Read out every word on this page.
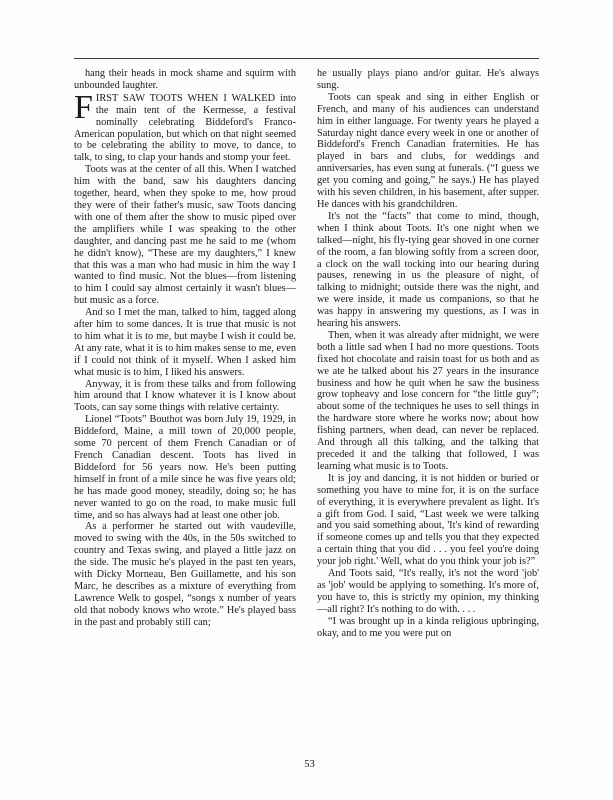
hang their heads in mock shame and squirm with unbounded laughter.

FIRST SAW TOOTS WHEN I WALKED into the main tent of the Kermesse, a festival nominally celebrating Biddeford's Franco-American population, but which on that night seemed to be celebrating the ability to move, to dance, to talk, to sing, to clap your hands and stomp your feet.

Toots was at the center of all this. When I watched him with the band, saw his daughters dancing together, heard, when they spoke to me, how proud they were of their father's music, saw Toots dancing with one of them after the show to music piped over the amplifiers while I was speaking to the other daughter, and dancing past me he said to me (whom he didn't know), “These are my daughters,” I knew that this was a man who had music in him the way I wanted to find music. Not the blues—from listening to him I could say almost certainly it wasn't blues—but music as a force.

And so I met the man, talked to him, tagged along after him to some dances. It is true that music is not to him what it is to me, but maybe I wish it could be. At any rate, what it is to him makes sense to me, even if I could not think of it myself. When I asked him what music is to him, I liked his answers.

Anyway, it is from these talks and from following him around that I know whatever it is I know about Toots, can say some things with relative certainty.

Lionel “Toots” Bouthot was born July 19, 1929, in Biddeford, Maine, a mill town of 20,000 people, some 70 percent of them French Canadian or of French Canadian descent. Toots has lived in Biddeford for 56 years now. He's been putting himself in front of a mile since he was five years old; he has made good money, steadily, doing so; he has never wanted to go on the road, to make music full time, and so has always had at least one other job.

As a performer he started out with vaudeville, moved to swing with the 40s, in the 50s switched to country and Texas swing, and played a little jazz on the side. The music he's played in the past ten years, with Dicky Morneau, Ben Guillamette, and his son Marc, he describes as a mixture of everything from Lawrence Welk to gospel, “songs x number of years old that nobody knows who wrote.” He's played bass in the past and probably still can;

he usually plays piano and/or guitar. He's always sung.

Toots can speak and sing in either English or French, and many of his audiences can understand him in either language. For twenty years he played a Saturday night dance every week in one or another of Biddeford's French Canadian fraternities. He has played in bars and clubs, for weddings and anniversaries, has even sung at funerals. (“I guess we get you coming and going,” he says.) He has played with his seven children, in his basement, after supper. He dances with his grandchildren.

It's not the “facts” that come to mind, though, when I think about Toots. It's one night when we talked—night, his fly-tying gear shoved in one corner of the room, a fan blowing softly from a screen door, a clock on the wall tocking into our hearing during pauses, renewing in us the pleasure of night, of talking to midnight; outside there was the night, and we were inside, it made us companions, so that he was happy in answering my questions, as I was in hearing his answers.

Then, when it was already after midnight, we were both a little sad when I had no more questions. Toots fixed hot chocolate and raisin toast for us both and as we ate he talked about his 27 years in the insurance business and how he quit when he saw the business grow topheavy and lose concern for “the little guy”; about some of the techniques he uses to sell things in the hardware store where he works now; about how fishing partners, when dead, can never be replaced. And through all this talking, and the talking that preceded it and the talking that followed, I was learning what music is to Toots.

It is joy and dancing, it is not hidden or buried or something you have to mine for, it is on the surface of everything, it is everywhere prevalent as light. It's a gift from God. I said, “Last week we were talking and you said something about, 'It's kind of rewarding if someone comes up and tells you that they expected a certain thing that you did . . . you feel you're doing your job right.' Well, what do you think your job is?”

And Toots said, “It's really, it's not the word 'job' as 'job' would be applying to something. It's more of, you have to, this is strictly my opinion, my thinking—all right? It's nothing to do with. . . .

“I was brought up in a kinda religious upbringing, okay, and to me you were put on

53
